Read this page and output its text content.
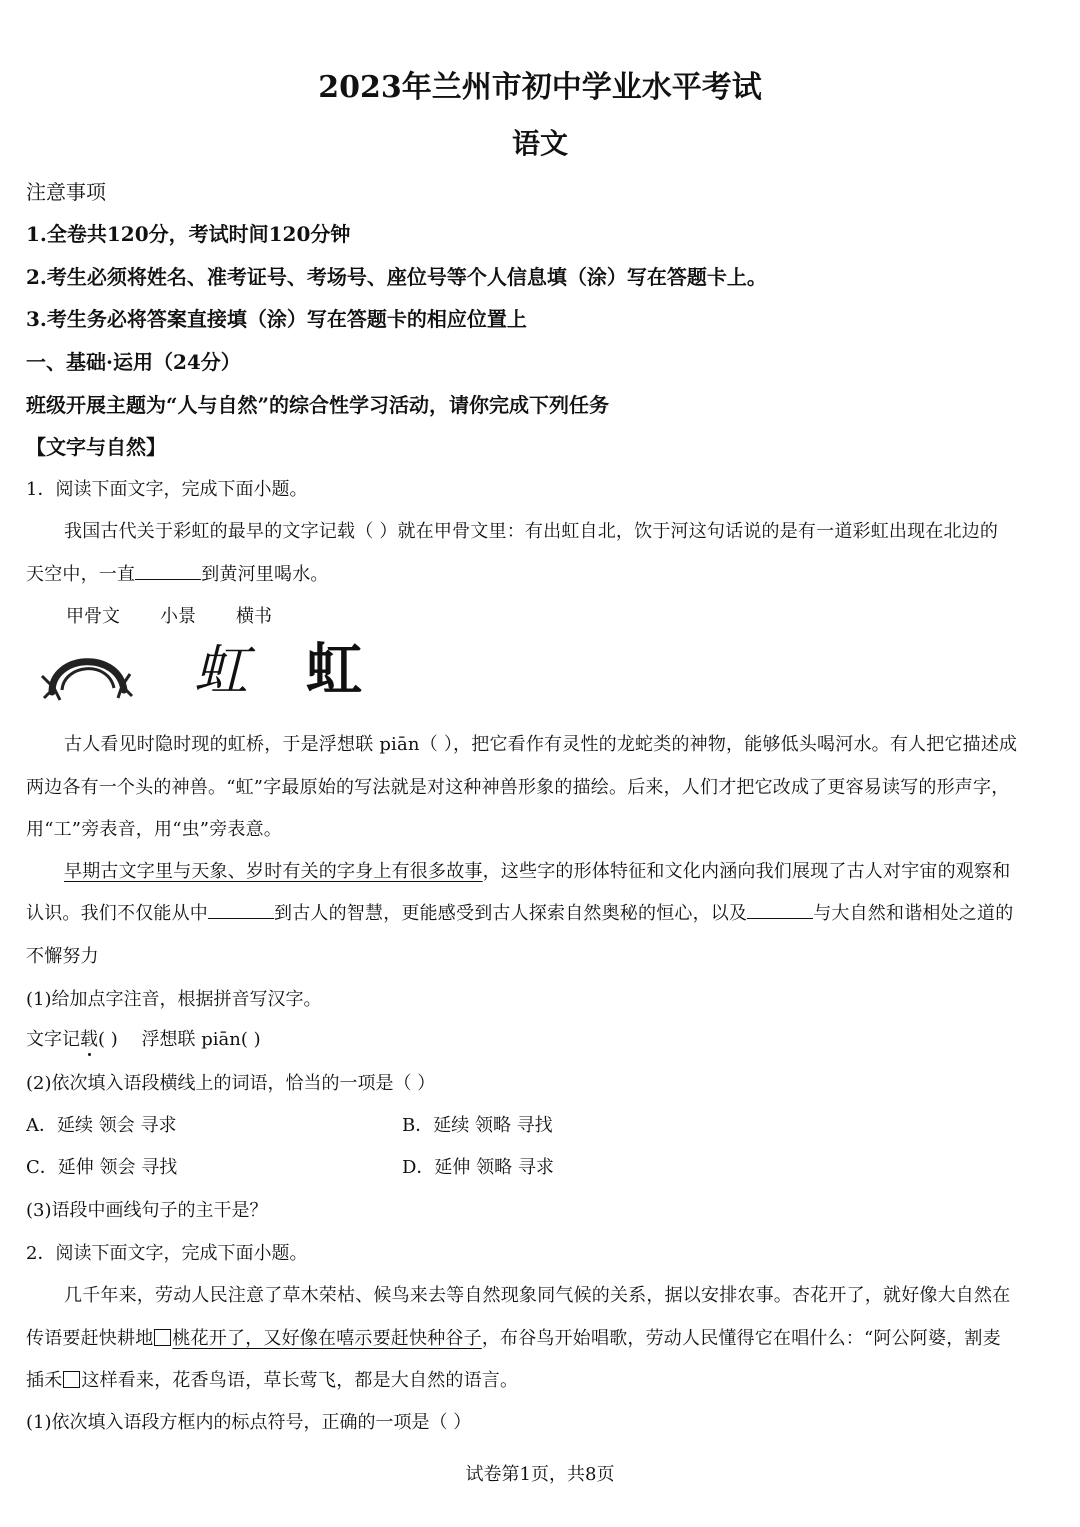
2023年兰州市初中学业水平考试
语文
注意事项
1.全卷共120分，考试时间120分钟
2.考生必须将姓名、准考证号、考场号、座位号等个人信息填（涂）写在答题卡上。
3.考生务必将答案直接填（涂）写在答题卡的相应位置上
一、基础·运用（24分）
班级开展主题为“人与自然”的综合性学习活动，请你完成下列任务
【文字与自然】
1．阅读下面文字，完成下面小题。
我国古代关于彩虹的最早的文字记载（ ）就在甲骨文里：有出虹自北，饮于河这句话说的是有一道彩虹出现在北边的
天空中，一直	到黄河里喝水。
甲骨文 小景 横书
虹 虹
古人看见时隐时现的虹桥，于是浮想联 piān（ ），把它看作有灵性的龙蛇类的神物，能够低头喝河水。有人把它描述成
两边各有一个头的神兽。“虹”字最原始的写法就是对这种神兽形象的描绘。后来，人们才把它改成了更容易读写的形声字，
用“工”旁表音，用“虫”旁表意。
早期古文字里与天象、岁时有关的字身上有很多故事，这些字的形体特征和文化内涵向我们展现了古人对宇宙的观察和
认识。我们不仅能从中	到古人的智慧，更能感受到古人探索自然奥秘的恒心，以及	与大自然和谐相处之道的
不懈努力
(1)给加点字注音，根据拼音写汉字。
文字记载( ) 浮想联 piān( )
(2)依次填入语段横线上的词语，恰当的一项是（ ）
A．延续 领会 寻求	B．延续 领略 寻找
C．延伸 领会 寻找	D．延伸 领略 寻求
(3)语段中画线句子的主干是？
2．阅读下面文字，完成下面小题。
几千年来，劳动人民注意了草木荣枯、候鸟来去等自然现象同气候的关系，据以安排农事。杏花开了，就好像大自然在
传语要赶快耕地 桃花开了，又好像在嘻示要赶快种谷子，布谷鸟开始唱歌，劳动人民懂得它在唱什么：“阿公阿婆，割麦
插禾 这样看来，花香鸟语，草长莺飞，都是大自然的语言。
(1)依次填入语段方框内的标点符号，正确的一项是（ ）
试卷第1页，共8页
